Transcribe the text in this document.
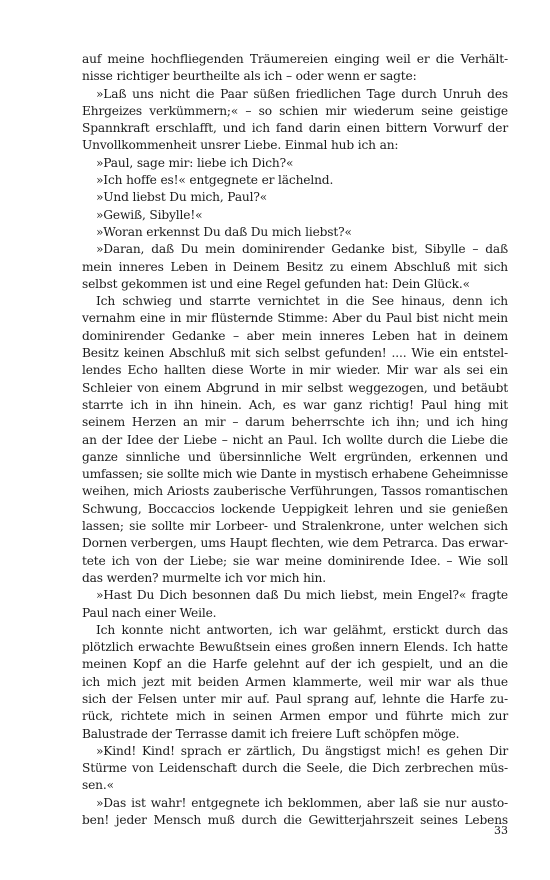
auf meine hochfliegenden Träumereien einging weil er die Verhält-
nisse richtiger beurtheilte als ich – oder wenn er sagte:
»Laß uns nicht die Paar süßen friedlichen Tage durch Unruh des
Ehrgeizes verkümmern;« – so schien mir wiederum seine geistige
Spannkraft erschlafft, und ich fand darin einen bittern Vorwurf der
Unvollkommenheit unsrer Liebe. Einmal hub ich an:
»Paul, sage mir: liebe ich Dich?«
»Ich hoffe es!« entgegnete er lächelnd.
»Und liebst Du mich, Paul?«
»Gewiß, Sibylle!«
»Woran erkennst Du daß Du mich liebst?«
»Daran, daß Du mein dominirender Gedanke bist, Sibylle – daß
mein inneres Leben in Deinem Besitz zu einem Abschluß mit sich
selbst gekommen ist und eine Regel gefunden hat: Dein Glück.«
Ich schwieg und starrte vernichtet in die See hinaus, denn ich
vernahm eine in mir flüsternde Stimme: Aber du Paul bist nicht mein
dominirender Gedanke – aber mein inneres Leben hat in deinem
Besitz keinen Abschluß mit sich selbst gefunden! .... Wie ein entstel-
lendes Echo hallten diese Worte in mir wieder. Mir war als sei ein
Schleier von einem Abgrund in mir selbst weggezogen, und betäubt
starrte ich in ihn hinein. Ach, es war ganz richtig! Paul hing mit
seinem Herzen an mir – darum beherrschte ich ihn; und ich hing
an der Idee der Liebe – nicht an Paul. Ich wollte durch die Liebe die
ganze sinnliche und übersinnliche Welt ergründen, erkennen und
umfassen; sie sollte mich wie Dante in mystisch erhabene Geheimnisse
weihen, mich Ariosts zauberische Verführungen, Tassos romantischen
Schwung, Boccaccios lockende Ueppigkeit lehren und sie genießen
lassen; sie sollte mir Lorbeer- und Stralenkrone, unter welchen sich
Dornen verbergen, ums Haupt flechten, wie dem Petrarca. Das erwar-
tete ich von der Liebe; sie war meine dominirende Idee. – Wie soll
das werden? murmelte ich vor mich hin.
»Hast Du Dich besonnen daß Du mich liebst, mein Engel?« fragte
Paul nach einer Weile.
Ich konnte nicht antworten, ich war gelähmt, erstickt durch das
plötzlich erwachte Bewußtsein eines großen innern Elends. Ich hatte
meinen Kopf an die Harfe gelehnt auf der ich gespielt, und an die
ich mich jezt mit beiden Armen klammerte, weil mir war als thue
sich der Felsen unter mir auf. Paul sprang auf, lehnte die Harfe zu-
rück, richtete mich in seinen Armen empor und führte mich zur
Balustrade der Terrasse damit ich freiere Luft schöpfen möge.
»Kind! Kind! sprach er zärtlich, Du ängstigst mich! es gehen Dir
Stürme von Leidenschaft durch die Seele, die Dich zerbrechen müs-
sen.«
»Das ist wahr! entgegnete ich beklommen, aber laß sie nur austo-
ben! jeder Mensch muß durch die Gewitterjahrszeit seines Lebens
33
